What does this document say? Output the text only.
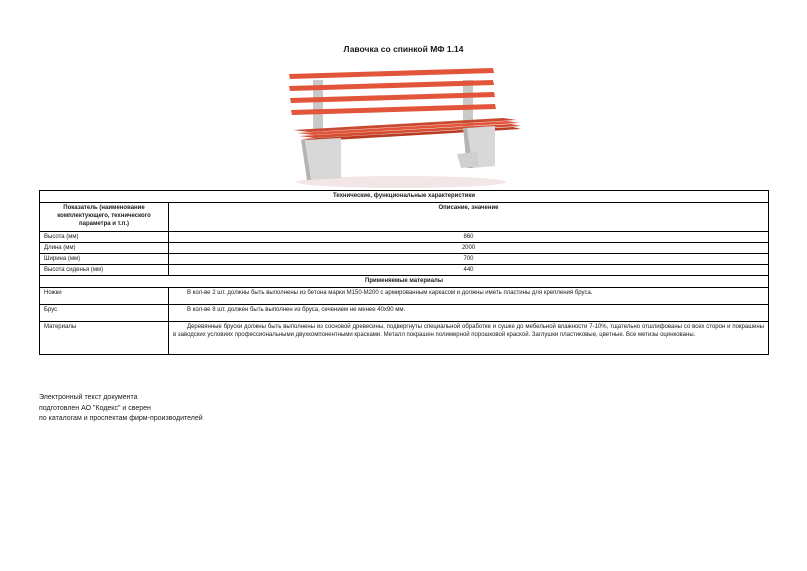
Лавочка со спинкой МФ 1.14
Технические, функциональные характеристики	
Показатель (наименование комплектующего, технического параметра и т.п.)	Описание, значение
Высота (мм)	860
Длина (мм)	2000
Ширина (мм)	700
Высота сиденья (мм)	440
Применяемые материалы	
Ножки	В кол-ве 2 шт. должны быть выполнены из бетона марки М150-М200 с армированным каркасом и должны иметь пластины для крепления бруса.
Брус	В кол-ве 8 шт. должен быть выполнен из бруса, сечением не менее 40х90 мм.
Материалы	Деревянные бруски должны быть выполнены из сосновой древесины, подвергнуты специальной обработке и сушке до мебельной влажности 7-10%, тщательно отшлифованы со всех сторон и покрашены в заводских условиях профессиональными двухкомпонентными красками. Металл покрашен полимерной порошковой краской. Заглушки пластиковые, цветные. Все метизы оцинкованы.
Электронный текст документа
подготовлен АО "Кодекс" и сверен
по каталогам и проспектам фирм-производителей
